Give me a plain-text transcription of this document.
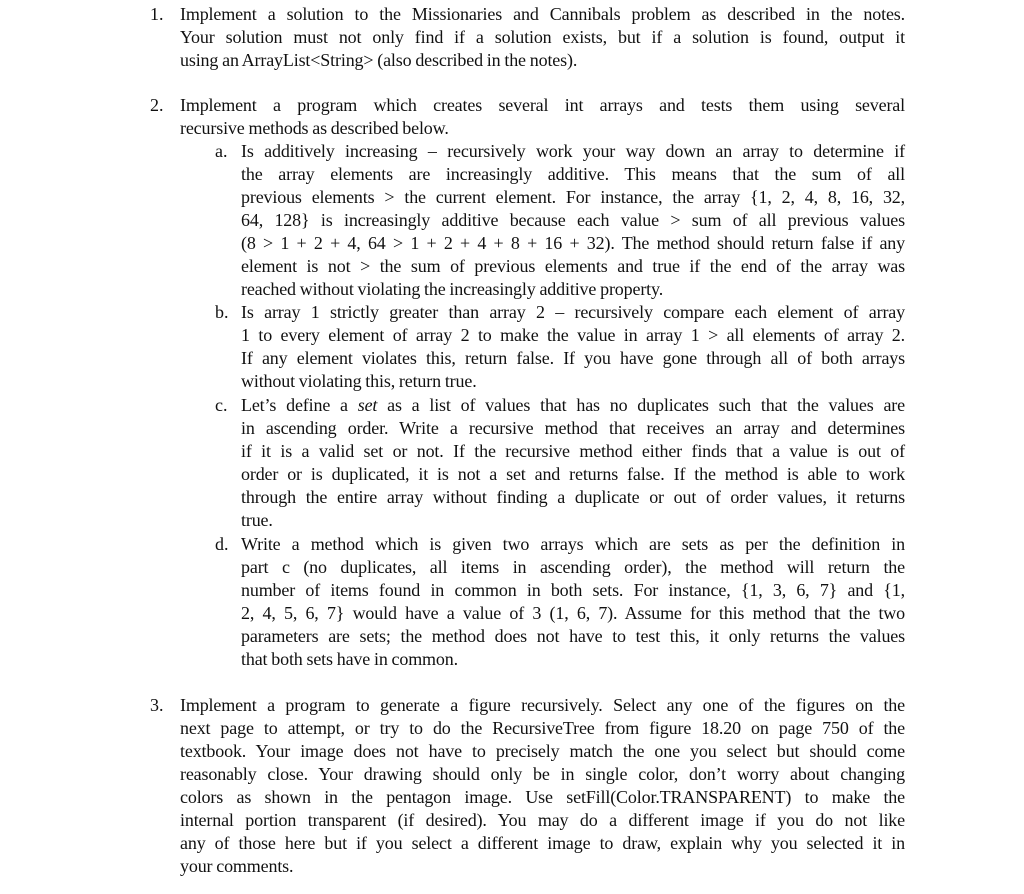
1. Implement a solution to the Missionaries and Cannibals problem as described in the notes.
Your solution must not only find if a solution exists, but if a solution is found, output it
using an ArrayList<String> (also described in the notes).
2. Implement a program which creates several int arrays and tests them using several
recursive methods as described below.
a. Is additively increasing – recursively work your way down an array to determine if
the array elements are increasingly additive. This means that the sum of all
previous elements > the current element. For instance, the array {1, 2, 4, 8, 16, 32,
64, 128} is increasingly additive because each value > sum of all previous values
(8 > 1 + 2 + 4, 64 > 1 + 2 + 4 + 8 + 16 + 32). The method should return false if any
element is not > the sum of previous elements and true if the end of the array was
reached without violating the increasingly additive property.
b. Is array 1 strictly greater than array 2 – recursively compare each element of array
1 to every element of array 2 to make the value in array 1 > all elements of array 2.
If any element violates this, return false. If you have gone through all of both arrays
without violating this, return true.
c. Let’s define a set as a list of values that has no duplicates such that the values are
in ascending order. Write a recursive method that receives an array and determines
if it is a valid set or not. If the recursive method either finds that a value is out of
order or is duplicated, it is not a set and returns false. If the method is able to work
through the entire array without finding a duplicate or out of order values, it returns
true.
d. Write a method which is given two arrays which are sets as per the definition in
part c (no duplicates, all items in ascending order), the method will return the
number of items found in common in both sets. For instance, {1, 3, 6, 7} and {1,
2, 4, 5, 6, 7} would have a value of 3 (1, 6, 7). Assume for this method that the two
parameters are sets; the method does not have to test this, it only returns the values
that both sets have in common.
3. Implement a program to generate a figure recursively. Select any one of the figures on the
next page to attempt, or try to do the RecursiveTree from figure 18.20 on page 750 of the
textbook. Your image does not have to precisely match the one you select but should come
reasonably close. Your drawing should only be in single color, don’t worry about changing
colors as shown in the pentagon image. Use setFill(Color.TRANSPARENT) to make the
internal portion transparent (if desired). You may do a different image if you do not like
any of those here but if you select a different image to draw, explain why you selected it in
your comments.
